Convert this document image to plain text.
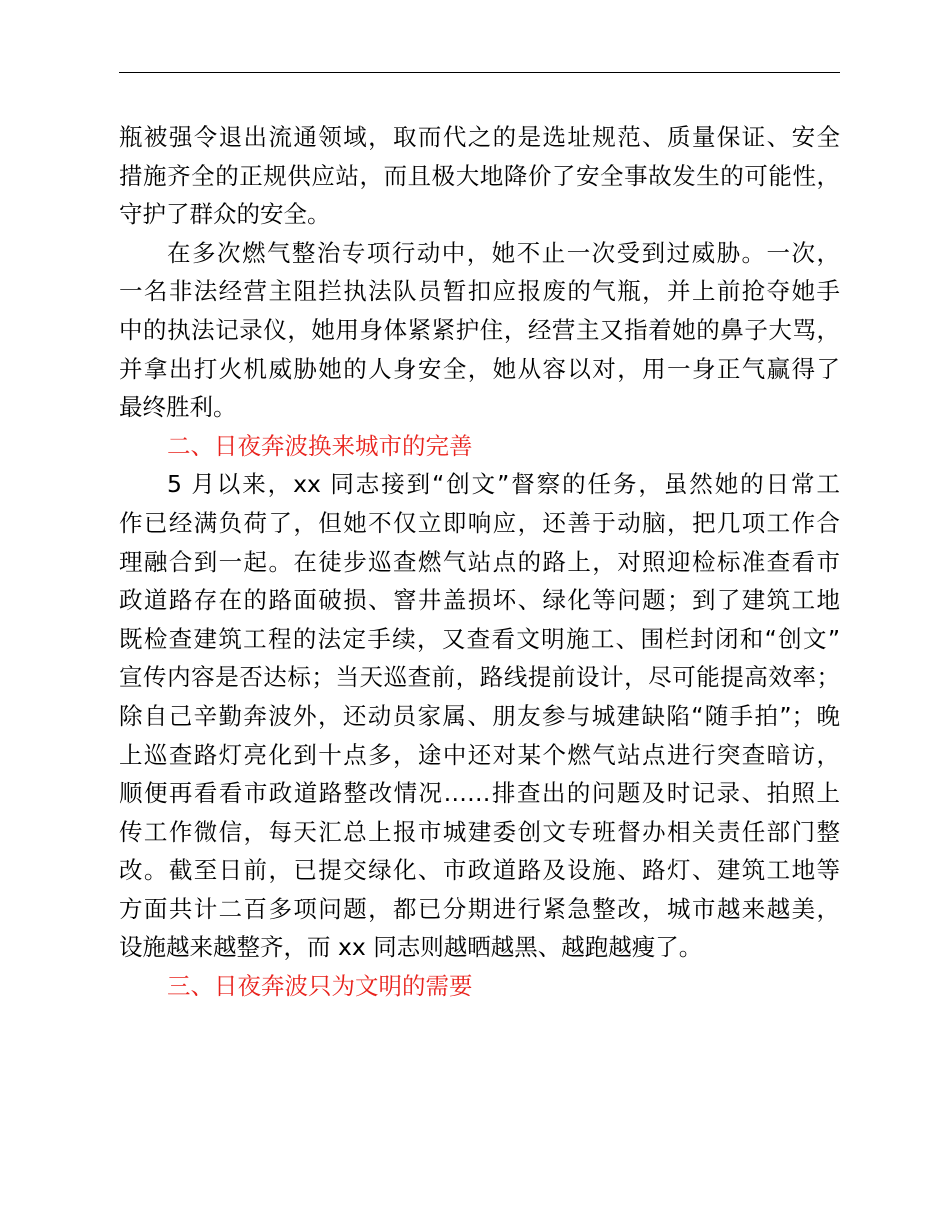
瓶被强令退出流通领域，取而代之的是选址规范、质量保证、安全
措施齐全的正规供应站，而且极大地降价了安全事故发生的可能性，
守护了群众的安全。
在多次燃气整治专项行动中，她不止一次受到过威胁。一次，
一名非法经营主阻拦执法队员暂扣应报废的气瓶，并上前抢夺她手
中的执法记录仪，她用身体紧紧护住，经营主又指着她的鼻子大骂，
并拿出打火机威胁她的人身安全，她从容以对，用一身正气赢得了
最终胜利。
二、日夜奔波换来城市的完善
5 月以来，xx 同志接到“创文”督察的任务，虽然她的日常工
作已经满负荷了，但她不仅立即响应，还善于动脑，把几项工作合
理融合到一起。在徒步巡查燃气站点的路上，对照迎检标准查看市
政道路存在的路面破损、窨井盖损坏、绿化等问题；到了建筑工地
既检查建筑工程的法定手续，又查看文明施工、围栏封闭和“创文”
宣传内容是否达标；当天巡查前，路线提前设计，尽可能提高效率；
除自己辛勤奔波外，还动员家属、朋友参与城建缺陷“随手拍”；晚
上巡查路灯亮化到十点多，途中还对某个燃气站点进行突查暗访，
顺便再看看市政道路整改情况……排查出的问题及时记录、拍照上
传工作微信，每天汇总上报市城建委创文专班督办相关责任部门整
改。截至日前，已提交绿化、市政道路及设施、路灯、建筑工地等
方面共计二百多项问题，都已分期进行紧急整改，城市越来越美，
设施越来越整齐，而 xx 同志则越晒越黑、越跑越瘦了。
三、日夜奔波只为文明的需要
